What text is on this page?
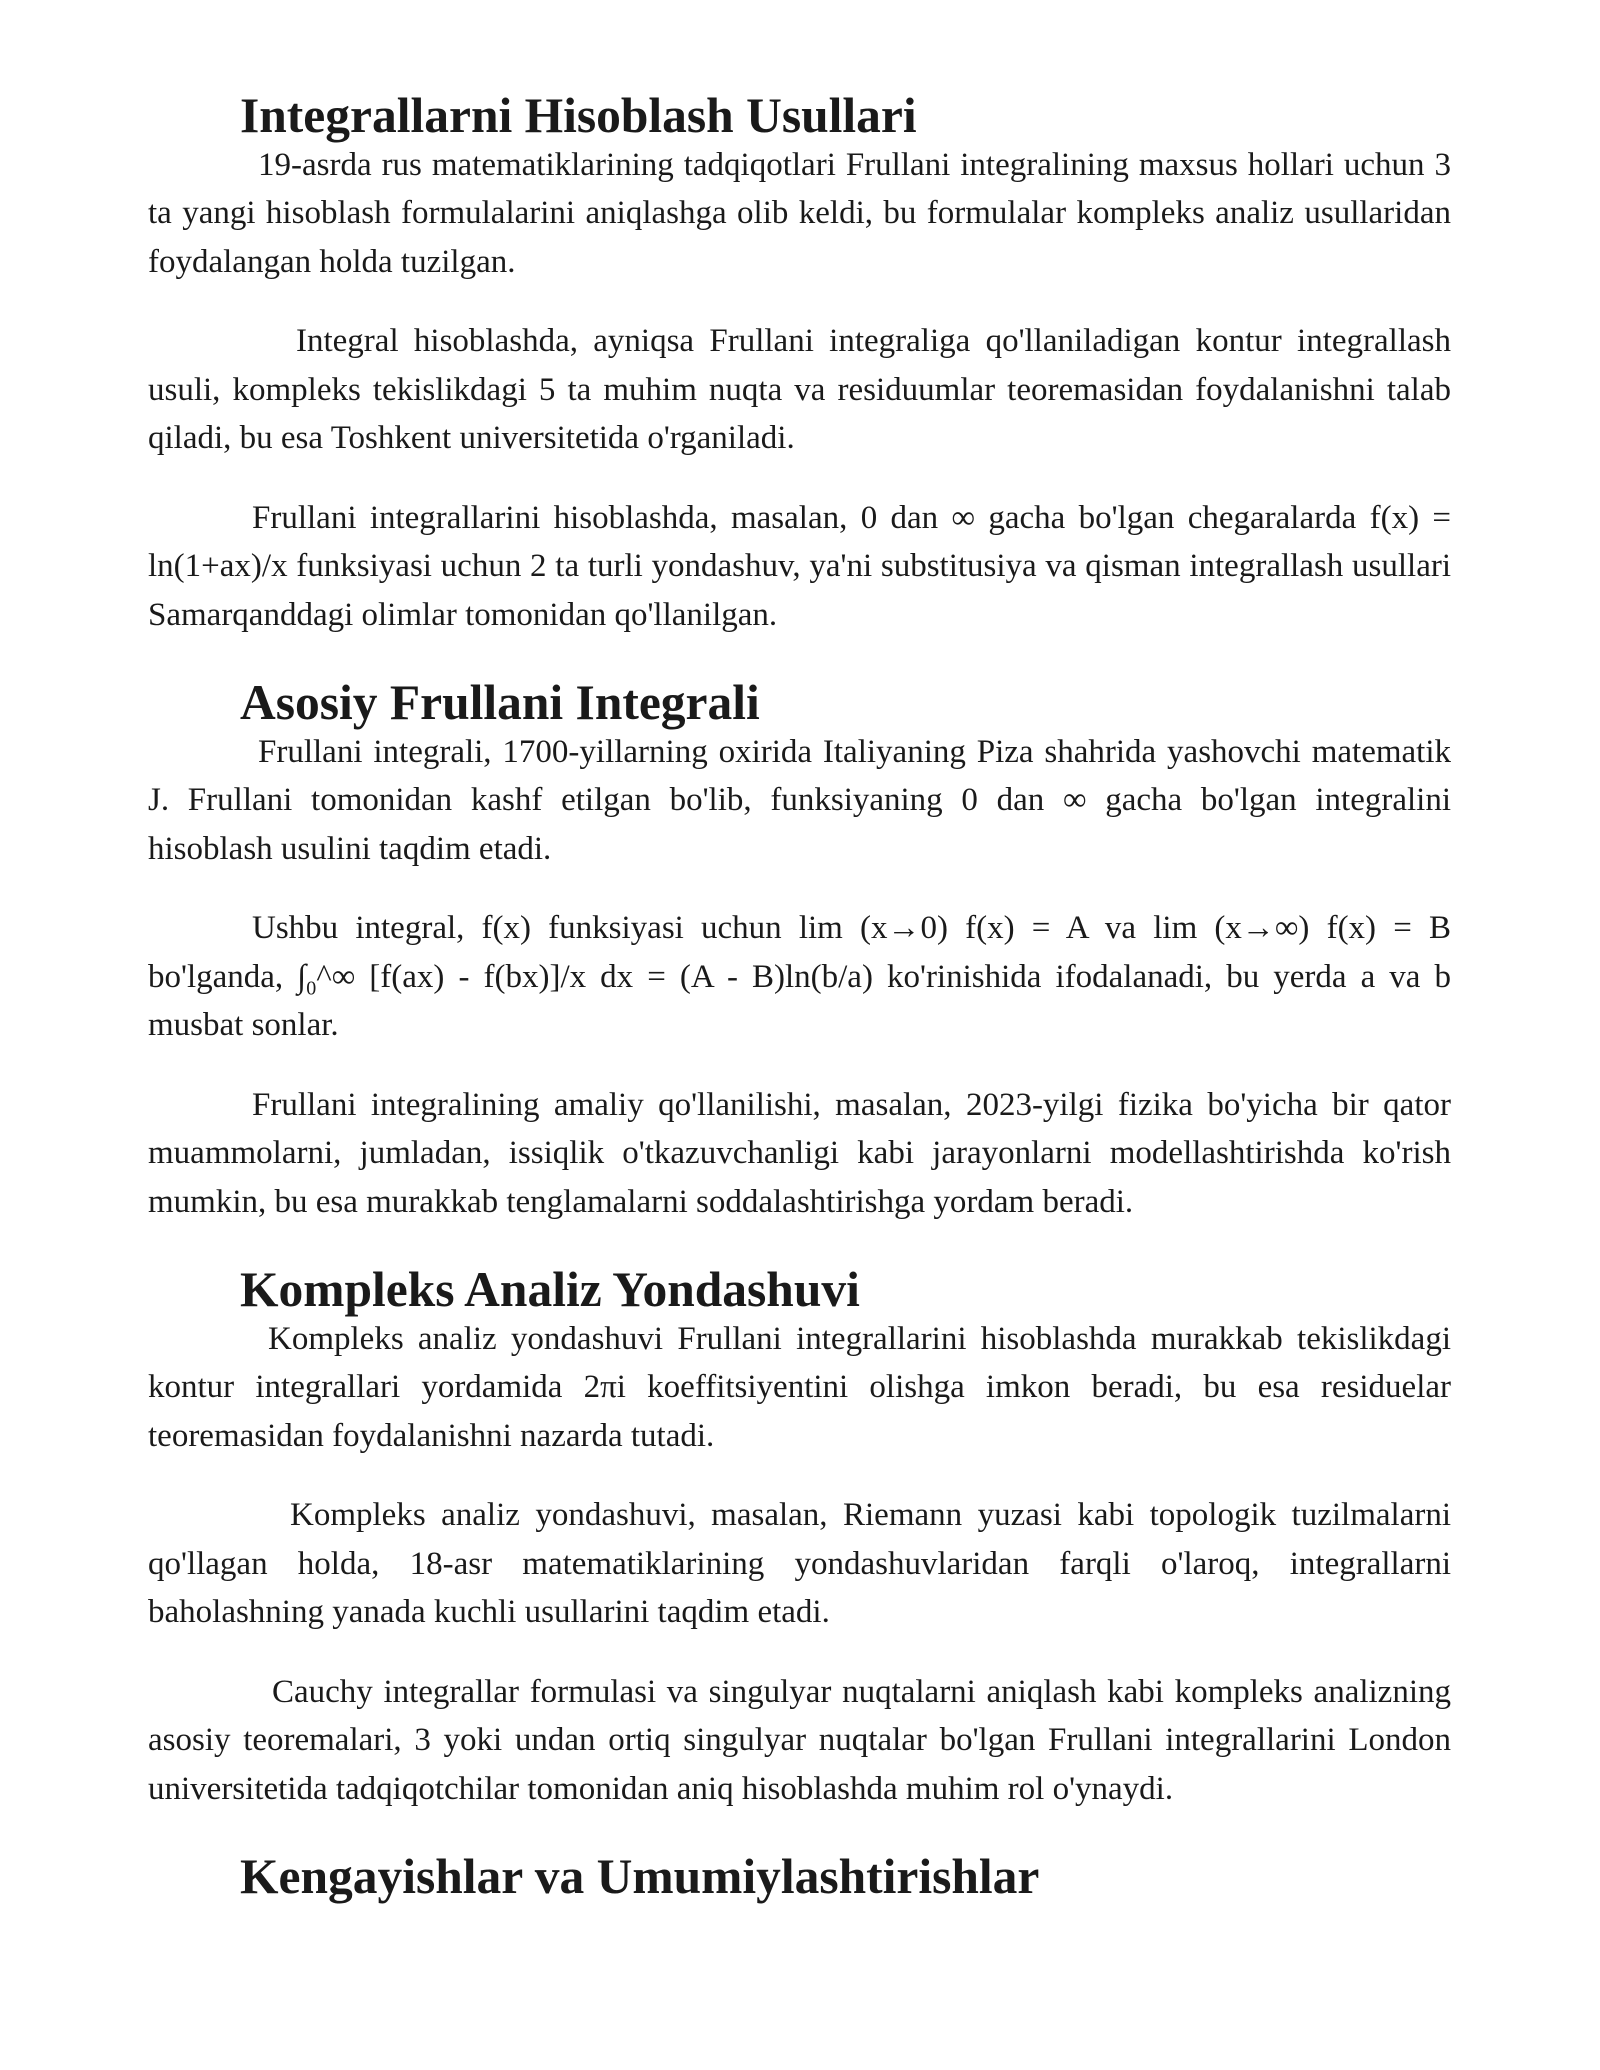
Integrallarni Hisoblash Usullari

19-asrda rus matematiklarining tadqiqotlari Frullani integralining maxsus hollari uchun 3 ta yangi hisoblash formulalarini aniqlashga olib keldi, bu formulalar kompleks analiz usullaridan foydalangan holda tuzilgan.

Integral hisoblashda, ayniqsa Frullani integraliga qo'llaniladigan kontur integrallash usuli, kompleks tekislikdagi 5 ta muhim nuqta va residuumlar teoremasidan foydalanishni talab qiladi, bu esa Toshkent universitetida o'rganiladi.

Frullani integrallarini hisoblashda, masalan, 0 dan ∞ gacha bo'lgan chegaralarda f(x) = ln(1+ax)/x funksiyasi uchun 2 ta turli yondashuv, ya'ni substitusiya va qisman integrallash usullari Samarqanddagi olimlar tomonidan qo'llanilgan.

Asosiy Frullani Integrali

Frullani integrali, 1700-yillarning oxirida Italiyaning Piza shahrida yashovchi matematik J. Frullani tomonidan kashf etilgan bo'lib, funksiyaning 0 dan ∞ gacha bo'lgan integralini hisoblash usulini taqdim etadi.

Ushbu integral, f(x) funksiyasi uchun lim (x→0) f(x) = A va lim (x→∞) f(x) = B bo'lganda, $\int_0\^{}\infty$ [f(ax) - f(bx)]/x dx = (A - B)ln(b/a) ko'rinishida ifodalanadi, bu yerda a va b musbat sonlar.

Frullani integralining amaliy qo'llanilishi, masalan, 2023-yilgi fizika bo'yicha bir qator muammolarni, jumladan, issiqlik o'tkazuvchanligi kabi jarayonlarni modellashtirishda ko'rish mumkin, bu esa murakkab tenglamalarni soddalashtirishga yordam beradi.

Kompleks Analiz Yondashuvi

Kompleks analiz yondashuvi Frullani integrallarini hisoblashda murakkab tekislikdagi kontur integrallari yordamida 2πi koeffitsiyentini olishga imkon beradi, bu esa residuelar teoremasidan foydalanishni nazarda tutadi.

Kompleks analiz yondashuvi, masalan, Riemann yuzasi kabi topologik tuzilmalarni qo'llagan holda, 18-asr matematiklarining yondashuvlaridan farqli o'laroq, integrallarni baholashning yanada kuchli usullarini taqdim etadi.

Cauchy integrallar formulasi va singulyar nuqtalarni aniqlash kabi kompleks analizning asosiy teoremalari, 3 yoki undan ortiq singulyar nuqtalar bo'lgan Frullani integrallarini London universitetida tadqiqotchilar tomonidan aniq hisoblashda muhim rol o'ynaydi.

Kengayishlar va Umumiylashtirishlar
